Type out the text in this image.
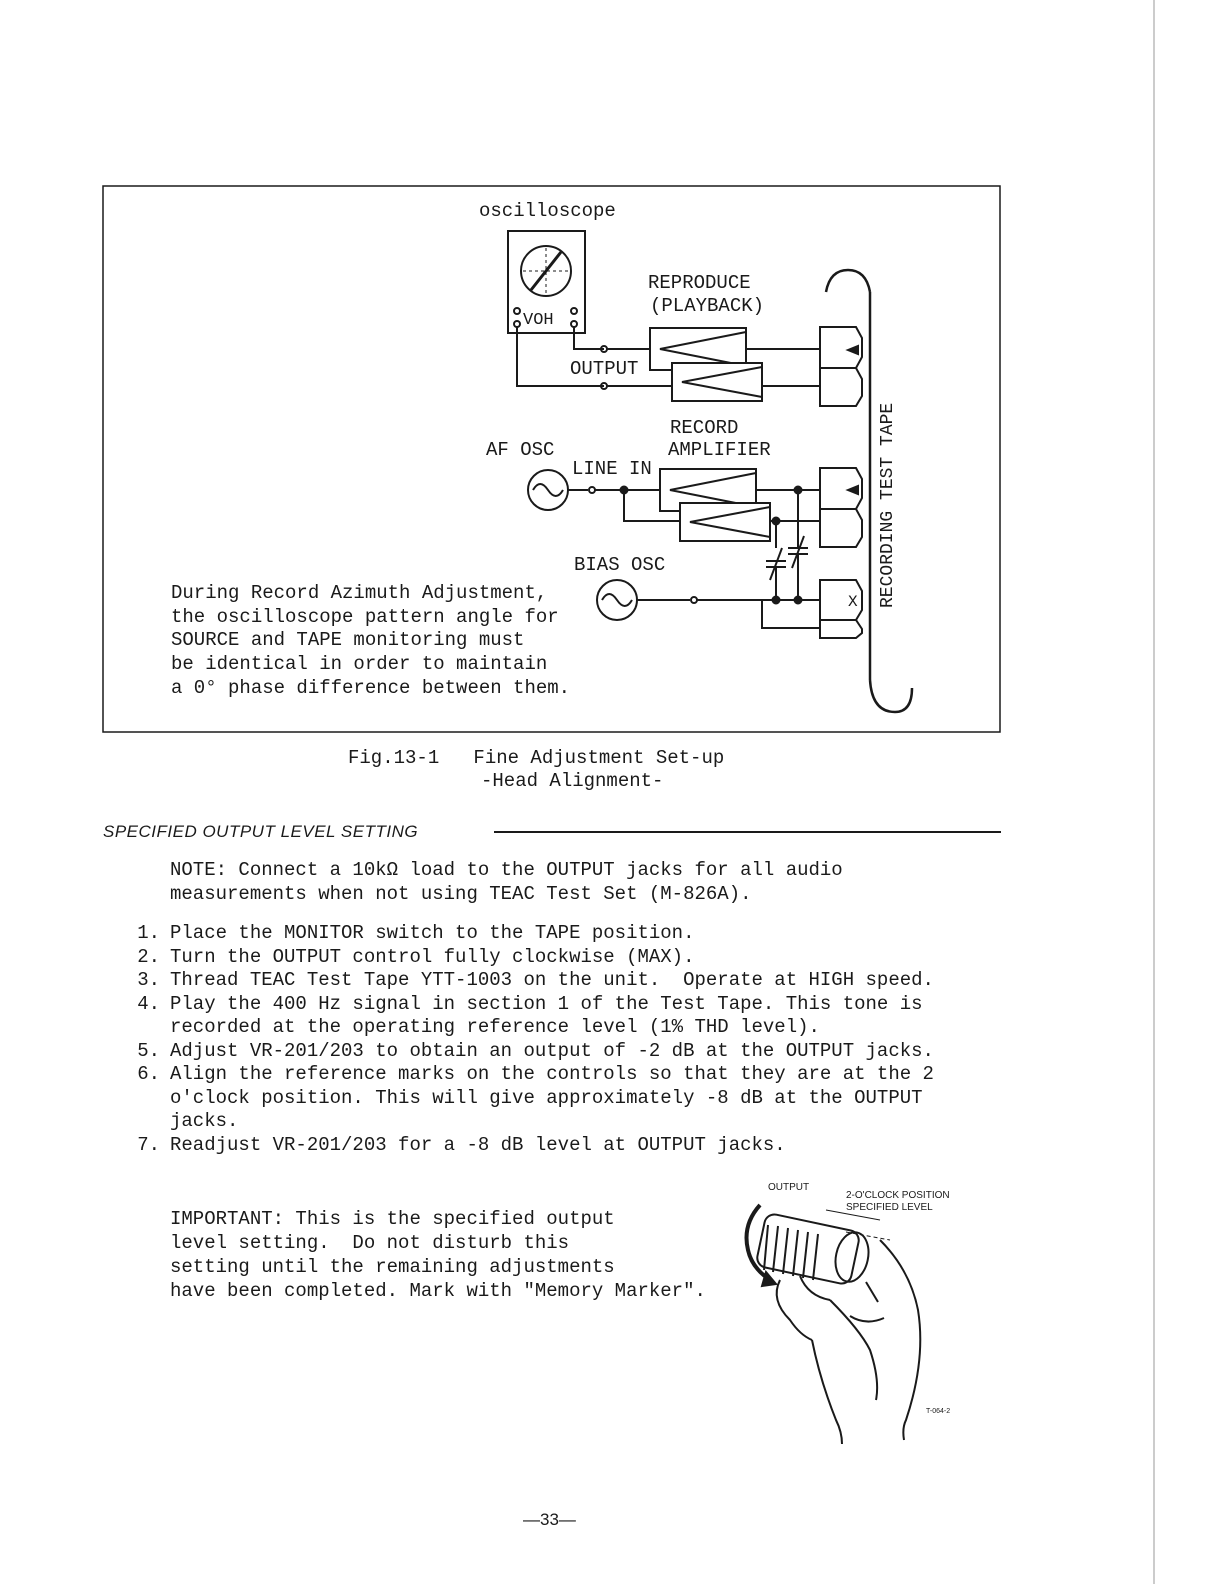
oscilloscope
VOH
OUTPUT
REPRODUCE
(PLAYBACK)
AF OSC
LINE IN
RECORD
AMPLIFIER
BIAS OSC
X RECORDING TEST TAPE
During Record Azimuth Adjustment,
the oscilloscope pattern angle for
SOURCE and TAPE monitoring must
be identical in order to maintain
a 0° phase difference between them.
OUTPUT
2-O'CLOCK POSITION
SPECIFIED LEVEL
T-064-2
Fig.13-1   Fine Adjustment Set-up
-Head Alignment-
SPECIFIED OUTPUT LEVEL SETTING
NOTE: Connect a 10kΩ load to the OUTPUT jacks for all audio
measurements when not using TEAC Test Set (M-826A).
1. Place the MONITOR switch to the TAPE position.
2. Turn the OUTPUT control fully clockwise (MAX).
3. Thread TEAC Test Tape YTT-1003 on the unit.  Operate at HIGH speed.
4. Play the 400 Hz signal in section 1 of the Test Tape. This tone is recorded at the operating reference level (1% THD level).
5. Adjust VR-201/203 to obtain an output of -2 dB at the OUTPUT jacks.
6. Align the reference marks on the controls so that they are at the 2 o'clock position. This will give approximately -8 dB at the OUTPUT jacks.
7. Readjust VR-201/203 for a -8 dB level at OUTPUT jacks.
IMPORTANT: This is the specified output
level setting.  Do not disturb this
setting until the remaining adjustments
have been completed. Mark with "Memory Marker".
—33—
